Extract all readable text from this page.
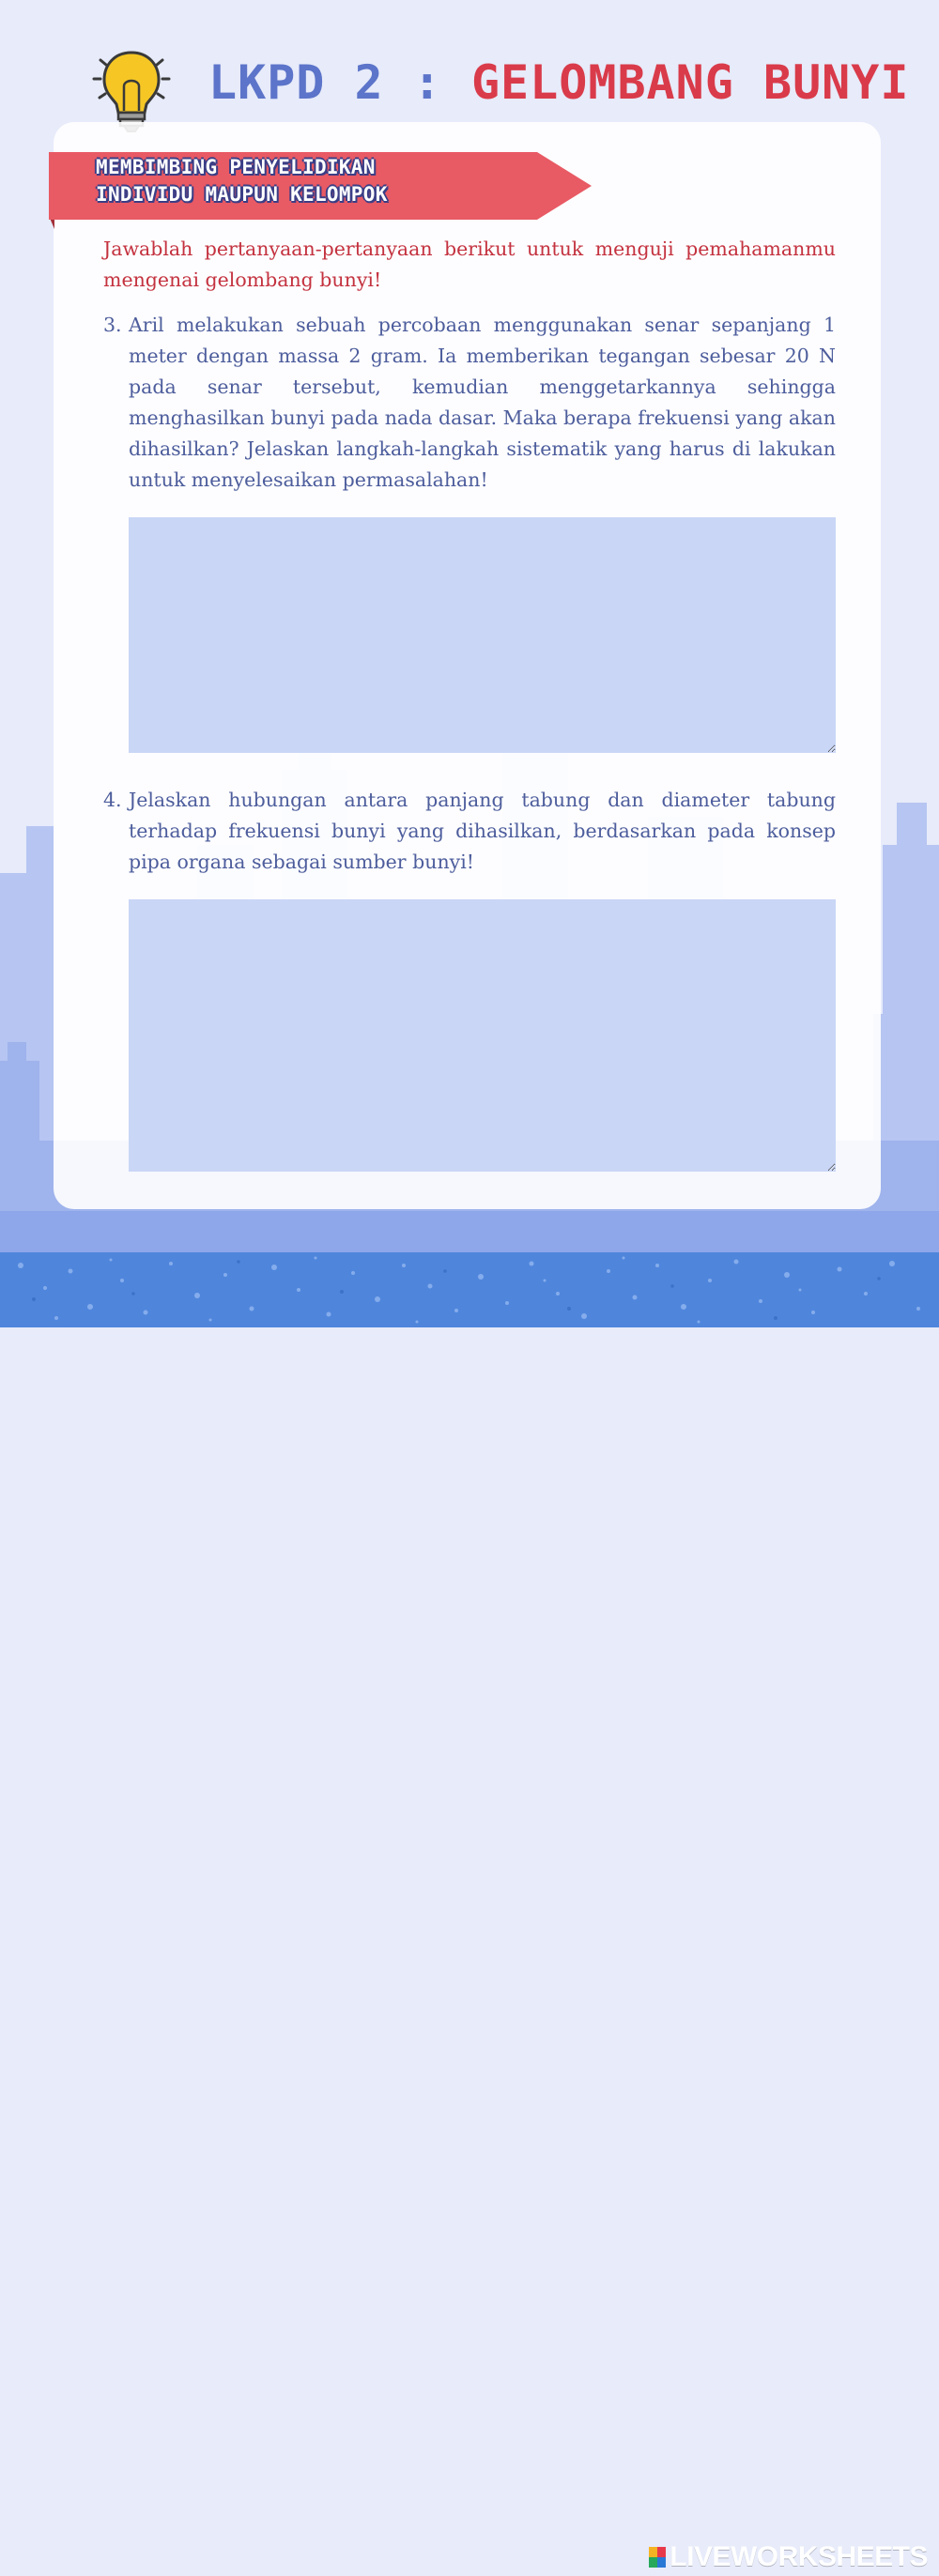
LIVEWORKSHEETS
LKPD 2 : GELOMBANG BUNYI
MEMBIMBING PENYELIDIKAN
INDIVIDU MAUPUN KELOMPOK

Jawablah pertanyaan-pertanyaan berikut untuk menguji pemahamanmu mengenai gelombang bunyi!

3. Aril melakukan sebuah percobaan menggunakan senar sepanjang 1 meter dengan massa 2 gram. Ia memberikan tegangan sebesar 20 N pada senar tersebut, kemudian menggetarkannya sehingga menghasilkan bunyi pada nada dasar. Maka berapa frekuensi yang akan dihasilkan? Jelaskan langkah-langkah sistematik yang harus di lakukan untuk menyelesaikan permasalahan!
4. Jelaskan hubungan antara panjang tabung dan diameter tabung terhadap frekuensi bunyi yang dihasilkan, berdasarkan pada konsep pipa organa sebagai sumber bunyi!
